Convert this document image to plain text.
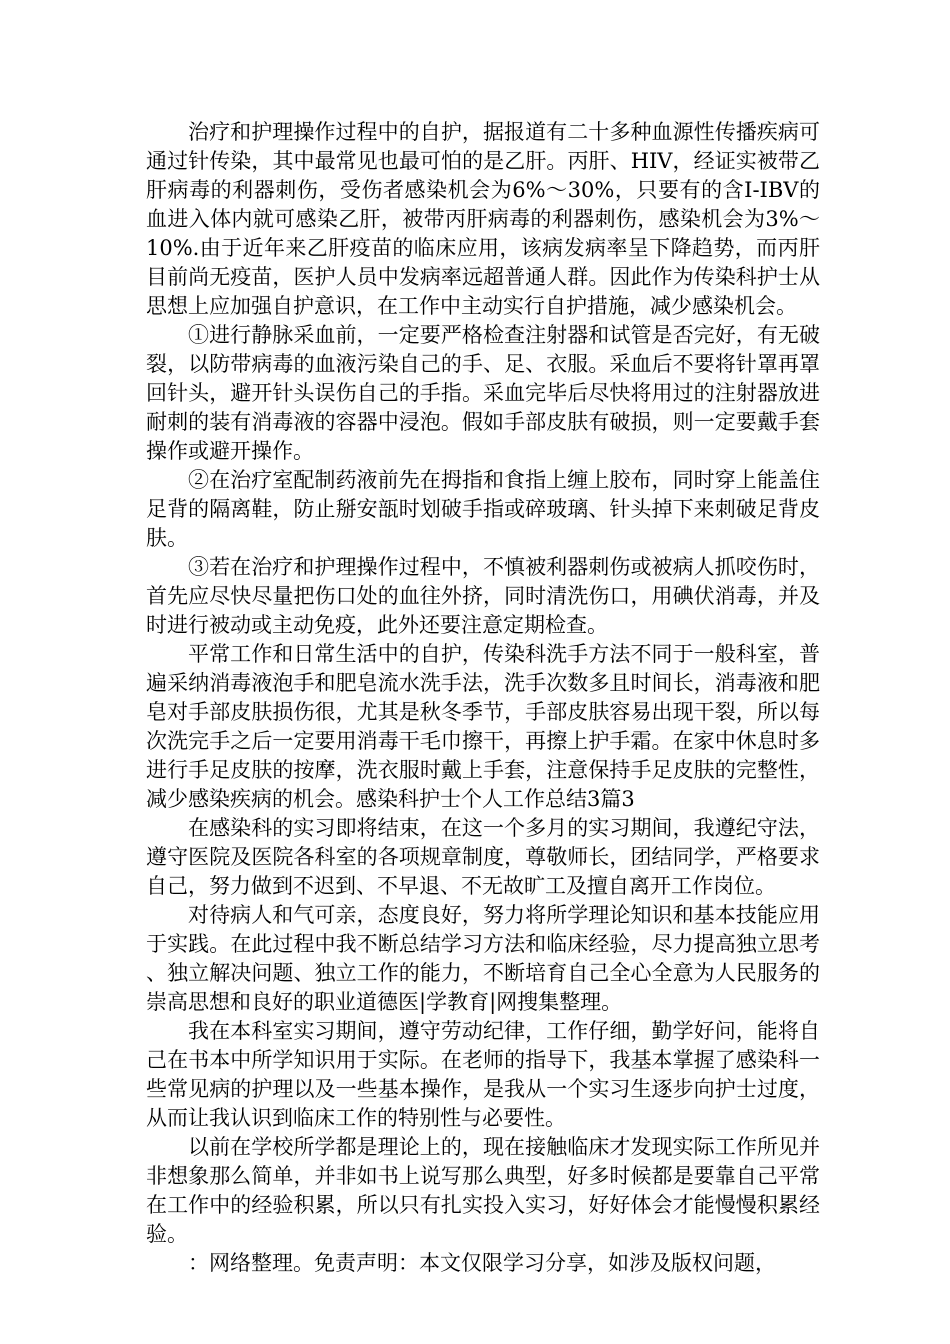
治疗和护理操作过程中的自护，据报道有二十多种血源性传播疾病可通过针传染，其中最常见也最可怕的是乙肝。丙肝、HIV，经证实被带乙肝病毒的利器刺伤，受伤者感染机会为6%～30%，只要有的含I-IBV的血进入体内就可感染乙肝，被带丙肝病毒的利器刺伤，感染机会为3%～10%.由于近年来乙肝疫苗的临床应用，该病发病率呈下降趋势，而丙肝目前尚无疫苗，医护人员中发病率远超普通人群。因此作为传染科护士从思想上应加强自护意识，在工作中主动实行自护措施，减少感染机会。

①进行静脉采血前，一定要严格检查注射器和试管是否完好，有无破裂，以防带病毒的血液污染自己的手、足、衣服。采血后不要将针罩再罩回针头，避开针头误伤自己的手指。采血完毕后尽快将用过的注射器放进耐刺的装有消毒液的容器中浸泡。假如手部皮肤有破损，则一定要戴手套操作或避开操作。

②在治疗室配制药液前先在拇指和食指上缠上胶布，同时穿上能盖住足背的隔离鞋，防止掰安瓿时划破手指或碎玻璃、针头掉下来刺破足背皮肤。

③若在治疗和护理操作过程中，不慎被利器刺伤或被病人抓咬伤时，首先应尽快尽量把伤口处的血往外挤，同时清洗伤口，用碘伏消毒，并及时进行被动或主动免疫，此外还要注意定期检查。

平常工作和日常生活中的自护，传染科洗手方法不同于一般科室，普遍采纳消毒液泡手和肥皂流水洗手法，洗手次数多且时间长，消毒液和肥皂对手部皮肤损伤很，尤其是秋冬季节，手部皮肤容易出现干裂，所以每次洗完手之后一定要用消毒干毛巾擦干，再擦上护手霜。在家中休息时多进行手足皮肤的按摩，洗衣服时戴上手套，注意保持手足皮肤的完整性，减少感染疾病的机会。感染科护士个人工作总结3篇3

在感染科的实习即将结束，在这一个多月的实习期间，我遵纪守法，遵守医院及医院各科室的各项规章制度，尊敬师长，团结同学，严格要求自己，努力做到不迟到、不早退、不无故旷工及擅自离开工作岗位。

对待病人和气可亲，态度良好，努力将所学理论知识和基本技能应用于实践。在此过程中我不断总结学习方法和临床经验，尽力提高独立思考、独立解决问题、独立工作的能力，不断培育自己全心全意为人民服务的崇高思想和良好的职业道德医|学教育|网搜集整理。

我在本科室实习期间，遵守劳动纪律，工作仔细，勤学好问，能将自己在书本中所学知识用于实际。在老师的指导下，我基本掌握了感染科一些常见病的护理以及一些基本操作，是我从一个实习生逐步向护士过度，从而让我认识到临床工作的特别性与必要性。

以前在学校所学都是理论上的，现在接触临床才发现实际工作所见并非想象那么简单，并非如书上说写那么典型，好多时候都是要靠自己平常在工作中的经验积累，所以只有扎实投入实习，好好体会才能慢慢积累经验。

：网络整理。免责声明：本文仅限学习分享，如涉及版权问题，
